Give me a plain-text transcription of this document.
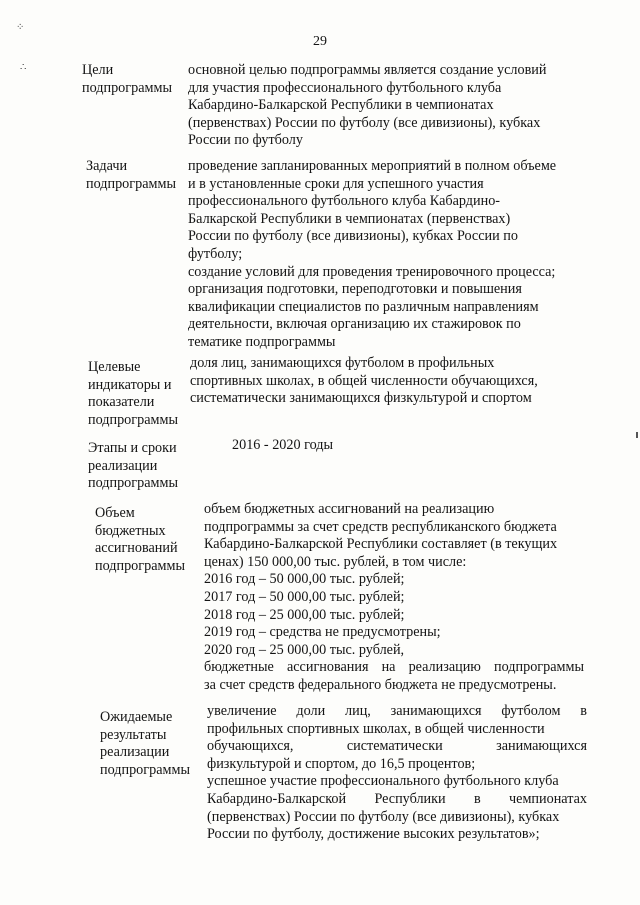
⁘
∴
29
Цели
подпрограммы
основной целью подпрограммы является создание условий
для участия профессионального футбольного клуба
Кабардино-Балкарской Республики в чемпионатах
(первенствах) России по футболу (все дивизионы), кубках
России по футболу
Задачи
подпрограммы
проведение запланированных мероприятий в полном объеме
и в установленные сроки для успешного участия
профессионального футбольного клуба Кабардино-
Балкарской Республики в чемпионатах (первенствах)
России по футболу (все дивизионы), кубках России по
футболу;
создание условий для проведения тренировочного процесса;
организация подготовки, переподготовки и повышения
квалификации специалистов по различным направлениям
деятельности, включая организацию их стажировок по
тематике подпрограммы
Целевые
индикаторы и
показатели
подпрограммы
доля лиц, занимающихся футболом в профильных
спортивных школах, в общей численности обучающихся,
систематически занимающихся физкультурой и спортом
Этапы и сроки
реализации
подпрограммы
2016 - 2020 годы
Объем
бюджетных
ассигнований
подпрограммы
объем бюджетных ассигнований на реализацию
подпрограммы за счет средств республиканского бюджета
Кабардино-Балкарской Республики составляет (в текущих
ценах) 150 000,00 тыс. рублей, в том числе:
2016 год – 50 000,00 тыс. рублей;
2017 год – 50 000,00 тыс. рублей;
2018 год – 25 000,00 тыс. рублей;
2019 год – средства не предусмотрены;
2020 год – 25 000,00 тыс. рублей,
бюджетные ассигнования на реализацию подпрограммы
за счет средств федерального бюджета не предусмотрены.
Ожидаемые
результаты
реализации
подпрограммы
увеличение доли лиц, занимающихся футболом в
профильных спортивных школах, в общей численности
обучающихся, систематически занимающихся
физкультурой и спортом, до 16,5 процентов;
успешное участие профессионального футбольного клуба
Кабардино-Балкарской Республики в чемпионатах
(первенствах) России по футболу (все дивизионы), кубках
России по футболу, достижение высоких результатов»;
